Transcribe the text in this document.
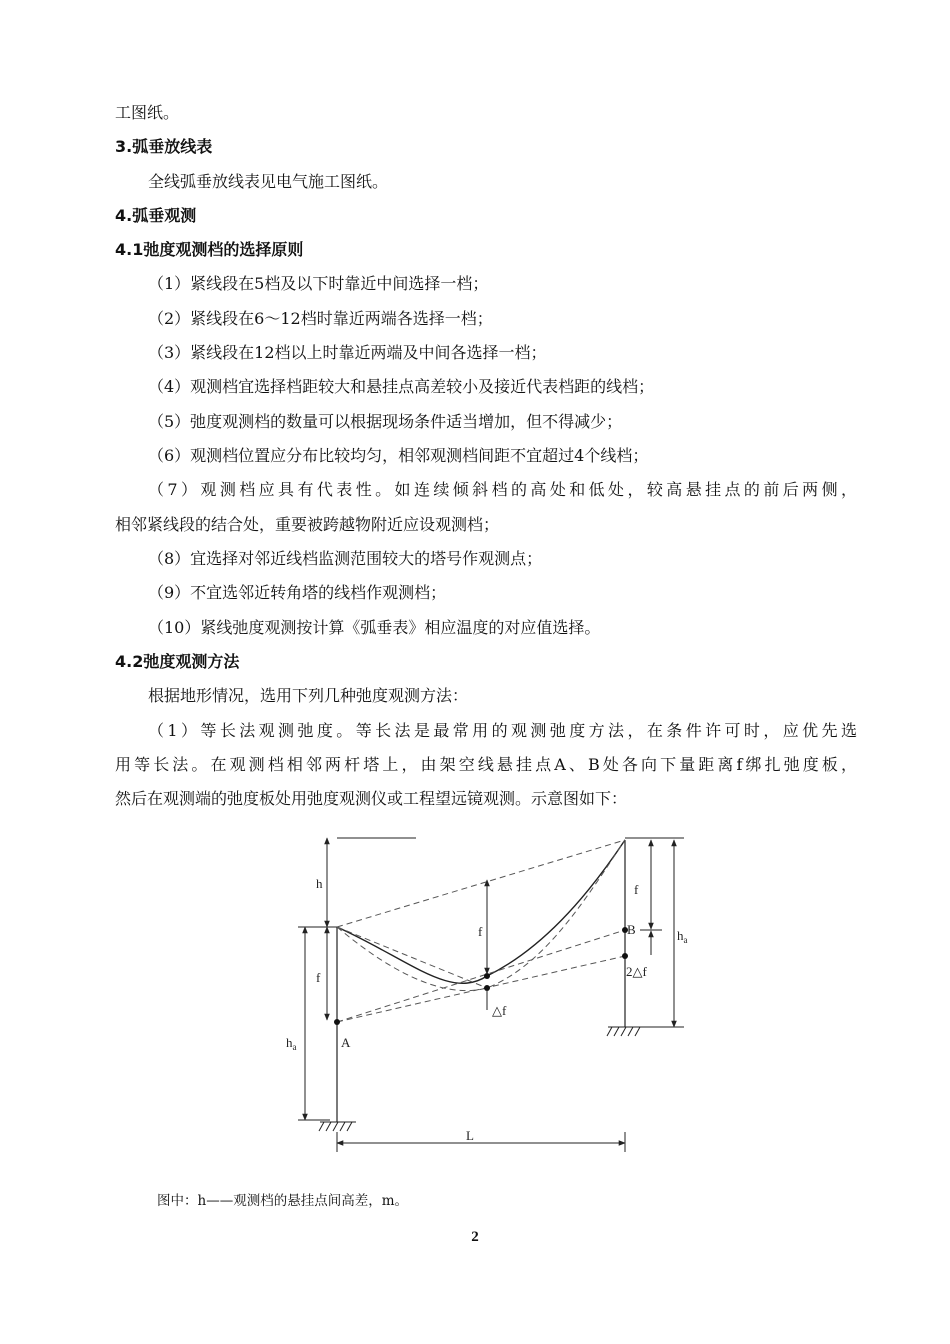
工图纸。
3.弧垂放线表
全线弧垂放线表见电气施工图纸。
4.弧垂观测
4.1弛度观测档的选择原则
（1）紧线段在5档及以下时靠近中间选择一档；
（2）紧线段在6～12档时靠近两端各选择一档；
（3）紧线段在12档以上时靠近两端及中间各选择一档；
（4）观测档宜选择档距较大和悬挂点高差较小及接近代表档距的线档；
（5）弛度观测档的数量可以根据现场条件适当增加，但不得减少；
（6）观测档位置应分布比较均匀，相邻观测档间距不宜超过4个线档；
（7）观测档应具有代表性。如连续倾斜档的高处和低处，较高悬挂点的前后两侧，
相邻紧线段的结合处，重要被跨越物附近应设观测档；
（8）宜选择对邻近线档监测范围较大的塔号作观测点；
（9）不宜选邻近转角塔的线档作观测档；
（10）紧线弛度观测按计算《弧垂表》相应温度的对应值选择。
4.2弛度观测方法
根据地形情况，选用下列几种弛度观测方法：
（1）等长法观测弛度。等长法是最常用的观测弛度方法，在条件许可时，应优先选
用等长法。在观测档相邻两杆塔上，由架空线悬挂点A、B处各向下量距离f绑扎弛度板，
然后在观测端的弛度板处用弛度观测仪或工程望远镜观测。示意图如下：
h
f
$h_a$	A
f
△f
f
B
2△f
$h_a$
L
图中：h——观测档的悬挂点间高差，m。
2
